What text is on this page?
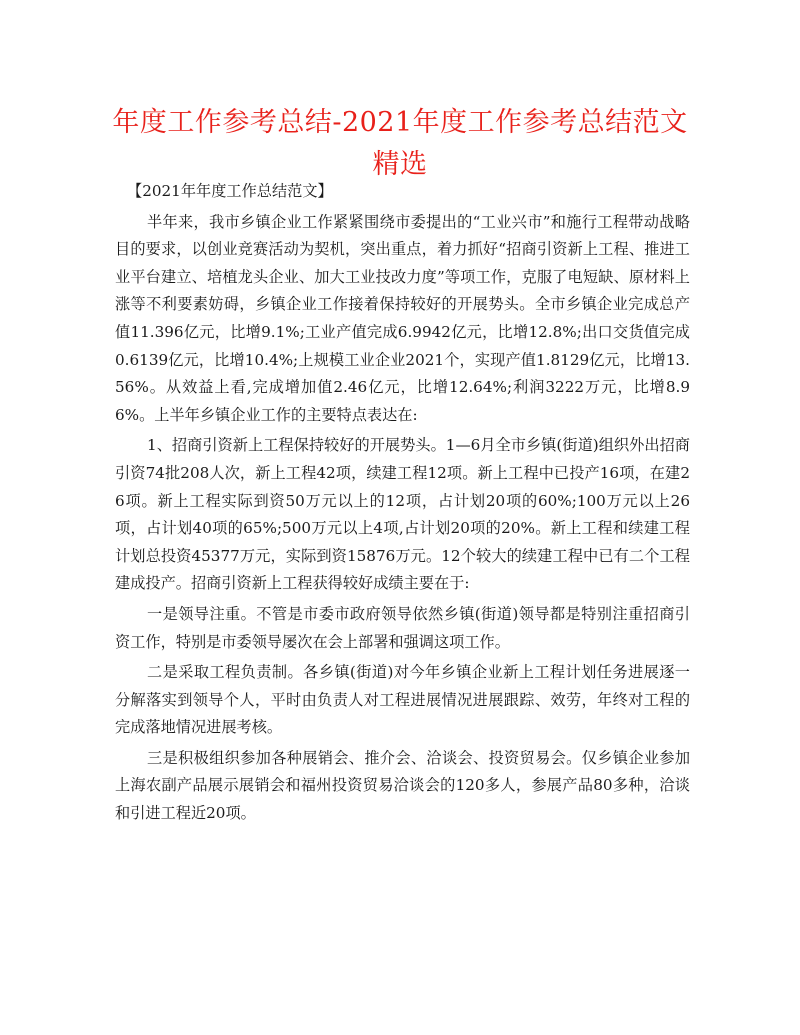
年度工作参考总结-2021年度工作参考总结范文精选

【2021年年度工作总结范文】

半年来，我市乡镇企业工作紧紧围绕市委提出的“工业兴市”和施行工程带动战略目的要求，以创业竞赛活动为契机，突出重点，着力抓好“招商引资新上工程、推进工业平台建立、培植龙头企业、加大工业技改力度”等项工作，克服了电短缺、原材料上涨等不利要素妨碍，乡镇企业工作接着保持较好的开展势头。全市乡镇企业完成总产值11.396亿元，比增9.1%;工业产值完成6.9942亿元，比增12.8%;出口交货值完成0.6139亿元，比增10.4%;上规模工业企业2021个，实现产值1.8129亿元，比增13.56%。从效益上看,完成增加值2.46亿元，比增12.64%;利润3222万元，比增8.96%。上半年乡镇企业工作的主要特点表达在:

1、招商引资新上工程保持较好的开展势头。1—6月全市乡镇(街道)组织外出招商引资74批208人次，新上工程42项，续建工程12项。新上工程中已投产16项，在建26项。新上工程实际到资50万元以上的12项，占计划20项的60%;100万元以上26项，占计划40项的65%;500万元以上4项,占计划20项的20%。新上工程和续建工程计划总投资45377万元，实际到资15876万元。12个较大的续建工程中已有二个工程建成投产。招商引资新上工程获得较好成绩主要在于:

一是领导注重。不管是市委市政府领导依然乡镇(街道)领导都是特别注重招商引资工作，特别是市委领导屡次在会上部署和强调这项工作。

二是采取工程负责制。各乡镇(街道)对今年乡镇企业新上工程计划任务进展逐一分解落实到领导个人，平时由负责人对工程进展情况进展跟踪、效劳，年终对工程的完成落地情况进展考核。

三是积极组织参加各种展销会、推介会、洽谈会、投资贸易会。仅乡镇企业参加上海农副产品展示展销会和福州投资贸易洽谈会的120多人，参展产品80多种，洽谈和引进工程近20项。
